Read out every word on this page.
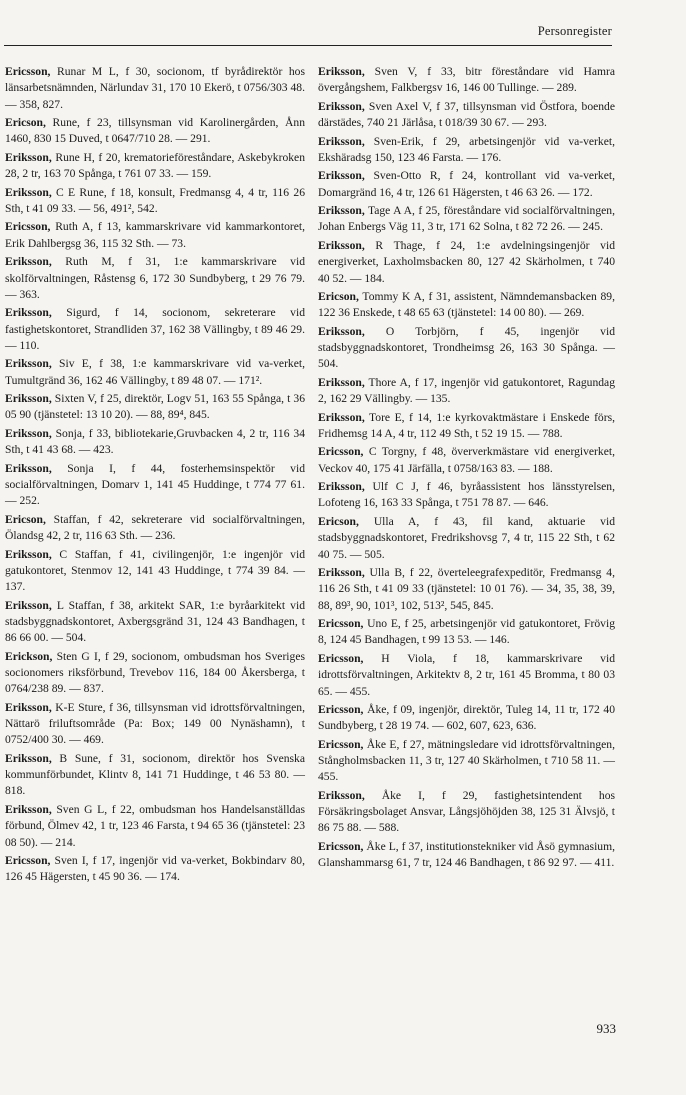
Personregister
Ericsson, Runar M L, f 30, socionom, tf byrådirektör hos länsarbetsnämnden, Närlundav 31, 170 10 Ekerö, t 0756/303 48. — 358, 827.
Ericson, Rune, f 23, tillsynsman vid Karolinergården, Ånn 1460, 830 15 Duved, t 0647/710 28. — 291.
Eriksson, Rune H, f 20, krematorieföreståndare, Askebykroken 28, 2 tr, 163 70 Spånga, t 761 07 33. — 159.
Eriksson, C E Rune, f 18, konsult, Fredmansg 4, 4 tr, 116 26 Sth, t 41 09 33. — 56, 491², 542.
Ericsson, Ruth A, f 13, kammarskrivare vid kammarkontoret, Erik Dahlbergsg 36, 115 32 Sth. — 73.
Eriksson, Ruth M, f 31, 1:e kammarskrivare vid skolförvaltningen, Råstensg 6, 172 30 Sundbyberg, t 29 76 79. — 363.
Eriksson, Sigurd, f 14, socionom, sekreterare vid fastighetskontoret, Strandliden 37, 162 38 Vällingby, t 89 46 29. — 110.
Eriksson, Siv E, f 38, 1:e kammarskrivare vid va-verket, Tumultgränd 36, 162 46 Vällingby, t 89 48 07. — 171².
Eriksson, Sixten V, f 25, direktör, Logv 51, 163 55 Spånga, t 36 05 90 (tjänstetel: 13 10 20). — 88, 89⁴, 845.
Eriksson, Sonja, f 33, bibliotekarie,Gruvbacken 4, 2 tr, 116 34 Sth, t 41 43 68. — 423.
Eriksson, Sonja I, f 44, fosterhemsinspektör vid socialförvaltningen, Domarv 1, 141 45 Huddinge, t 774 77 61. — 252.
Ericson, Staffan, f 42, sekreterare vid socialförvaltningen, Ölandsg 42, 2 tr, 116 63 Sth. — 236.
Eriksson, C Staffan, f 41, civilingenjör, 1:e ingenjör vid gatukontoret, Stenmov 12, 141 43 Huddinge, t 774 39 84. — 137.
Eriksson, L Staffan, f 38, arkitekt SAR, 1:e byråarkitekt vid stadsbyggnadskontoret, Axbergsgränd 31, 124 43 Bandhagen, t 86 66 00. — 504.
Erickson, Sten G I, f 29, socionom, ombudsman hos Sveriges socionomers riksförbund, Trevebov 116, 184 00 Åkersberga, t 0764/238 89. — 837.
Eriksson, K-E Sture, f 36, tillsynsman vid idrottsförvaltningen, Nättarö friluftsområde (Pa: Box; 149 00 Nynäshamn), t 0752/400 30. — 469.
Eriksson, B Sune, f 31, socionom, direktör hos Svenska kommunförbundet, Klintv 8, 141 71 Huddinge, t 46 53 80. — 818.
Eriksson, Sven G L, f 22, ombudsman hos Handelsanställdas förbund, Ölmev 42, 1 tr, 123 46 Farsta, t 94 65 36 (tjänstetel: 23 08 50). — 214.
Ericsson, Sven I, f 17, ingenjör vid va-verket, Bokbindarv 80, 126 45 Hägersten, t 45 90 36. — 174.
Eriksson, Sven V, f 33, bitr föreståndare vid Hamra övergångshem, Falkbergsv 16, 146 00 Tullinge. — 289.
Eriksson, Sven Axel V, f 37, tillsynsman vid Östfora, boende därstädes, 740 21 Järlåsa, t 018/39 30 67. — 293.
Eriksson, Sven-Erik, f 29, arbetsingenjör vid va-verket, Ekshäradsg 150, 123 46 Farsta. — 176.
Eriksson, Sven-Otto R, f 24, kontrollant vid va-verket, Domargränd 16, 4 tr, 126 61 Hägersten, t 46 63 26. — 172.
Eriksson, Tage A A, f 25, föreståndare vid socialförvaltningen, Johan Enbergs Väg 11, 3 tr, 171 62 Solna, t 82 72 26. — 245.
Eriksson, R Thage, f 24, 1:e avdelningsingenjör vid energiverket, Laxholmsbacken 80, 127 42 Skärholmen, t 740 40 52. — 184.
Ericson, Tommy K A, f 31, assistent, Nämndemansbacken 89, 122 36 Enskede, t 48 65 63 (tjänstetel: 14 00 80). — 269.
Eriksson, O Torbjörn, f 45, ingenjör vid stadsbyggnadskontoret, Trondheimsg 26, 163 30 Spånga. — 504.
Eriksson, Thore A, f 17, ingenjör vid gatukontoret, Ragundag 2, 162 29 Vällingby. — 135.
Eriksson, Tore E, f 14, 1:e kyrkovaktmästare i Enskede förs, Fridhemsg 14 A, 4 tr, 112 49 Sth, t 52 19 15. — 788.
Ericsson, C Torgny, f 48, öververkmästare vid energiverket, Veckov 40, 175 41 Järfälla, t 0758/163 83. — 188.
Eriksson, Ulf C J, f 46, byråassistent hos länsstyrelsen, Lofoteng 16, 163 33 Spånga, t 751 78 87. — 646.
Ericson, Ulla A, f 43, fil kand, aktuarie vid stadsbyggnadskontoret, Fredrikshovsg 7, 4 tr, 115 22 Sth, t 62 40 75. — 505.
Eriksson, Ulla B, f 22, överteleegrafexpeditör, Fredmansg 4, 116 26 Sth, t 41 09 33 (tjänstetel: 10 01 76). — 34, 35, 38, 39, 88, 89³, 90, 101³, 102, 513², 545, 845.
Ericsson, Uno E, f 25, arbetsingenjör vid gatukontoret, Frövig 8, 124 45 Bandhagen, t 99 13 53. — 146.
Ericsson, H Viola, f 18, kammarskrivare vid idrottsförvaltningen, Arkitektv 8, 2 tr, 161 45 Bromma, t 80 03 65. — 455.
Ericsson, Åke, f 09, ingenjör, direktör, Tuleg 14, 11 tr, 172 40 Sundbyberg, t 28 19 74. — 602, 607, 623, 636.
Ericsson, Åke E, f 27, mätningsledare vid idrottsförvaltningen, Stångholmsbacken 11, 3 tr, 127 40 Skärholmen, t 710 58 11. — 455.
Eriksson, Åke I, f 29, fastighetsintendent hos Försäkringsbolaget Ansvar, Långsjöhöjden 38, 125 31 Älvsjö, t 86 75 88. — 588.
Ericsson, Åke L, f 37, institutionstekniker vid Åsö gymnasium, Glanshammarsg 61, 7 tr, 124 46 Bandhagen, t 86 92 97. — 411.
933
